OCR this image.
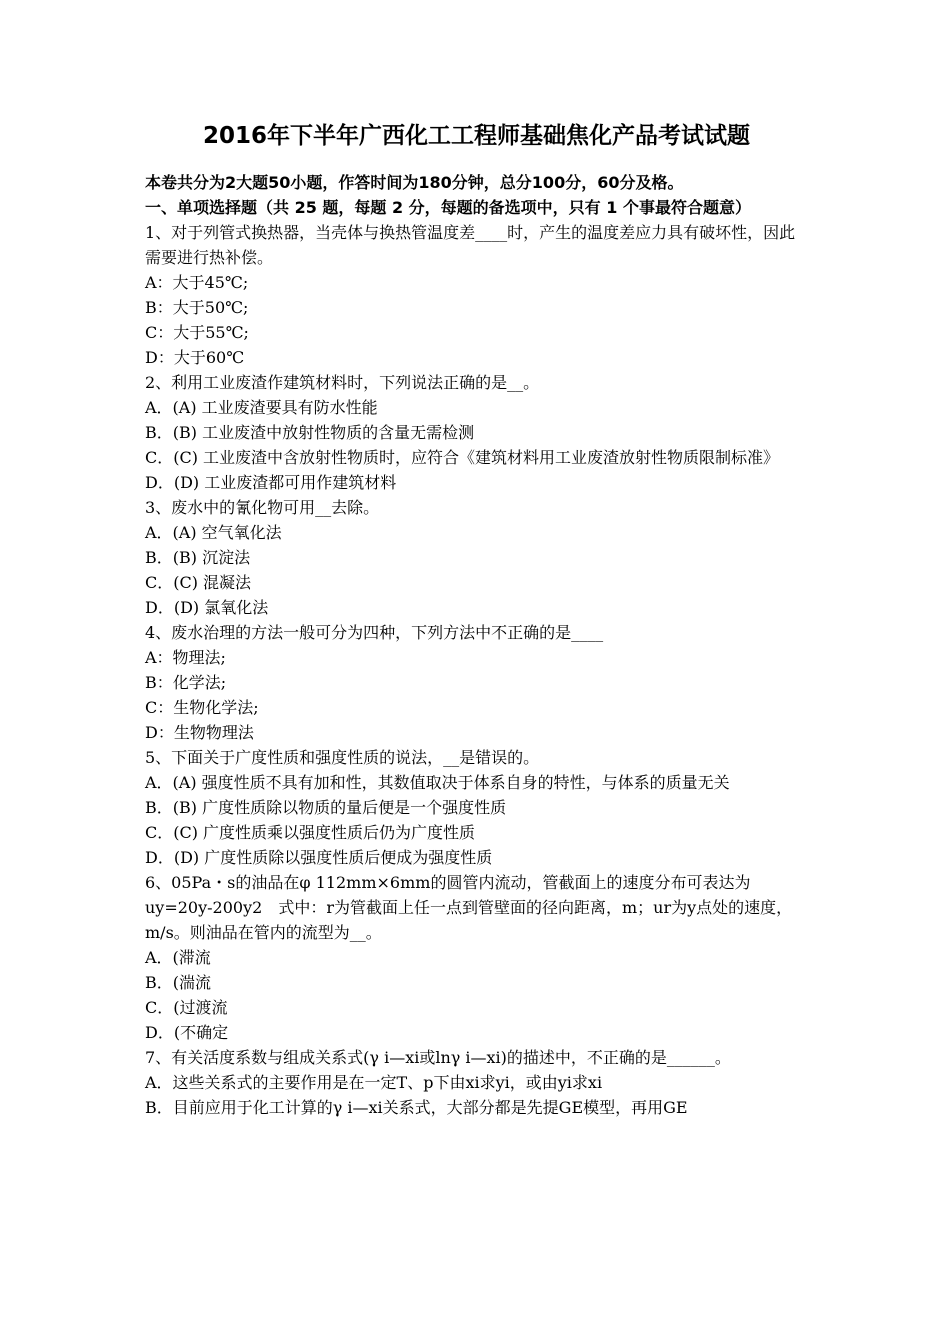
2016年下半年广西化工工程师基础焦化产品考试试题
本卷共分为2大题50小题，作答时间为180分钟，总分100分，60分及格。
一、单项选择题（共 25 题，每题 2 分，每题的备选项中，只有 1 个事最符合题意）
1、对于列管式换热器，当壳体与换热管温度差____时，产生的温度差应力具有破坏性，因此需要进行热补偿。
A：大于45℃;
B：大于50℃;
C：大于55℃;
D：大于60℃
2、利用工业废渣作建筑材料时，下列说法正确的是__。
A．(A) 工业废渣要具有防水性能
B．(B) 工业废渣中放射性物质的含量无需检测
C．(C) 工业废渣中含放射性物质时，应符合《建筑材料用工业废渣放射性物质限制标准》
D．(D) 工业废渣都可用作建筑材料
3、废水中的氰化物可用__去除。
A．(A) 空气氧化法
B．(B) 沉淀法
C．(C) 混凝法
D．(D) 氯氧化法
4、废水治理的方法一般可分为四种，下列方法中不正确的是____
A：物理法;
B：化学法;
C：生物化学法;
D：生物物理法
5、下面关于广度性质和强度性质的说法，__是错误的。
A．(A) 强度性质不具有加和性，其数值取决于体系自身的特性，与体系的质量无关
B．(B) 广度性质除以物质的量后便是一个强度性质
C．(C) 广度性质乘以强度性质后仍为广度性质
D．(D) 广度性质除以强度性质后便成为强度性质
6、05Pa・s的油品在φ 112mm×6mm的圆管内流动，管截面上的速度分布可表达为　uy=20y-200y2　式中：r为管截面上任一点到管壁面的径向距离，m；ur为y点处的速度，m/s。则油品在管内的流型为__。
A．(滞流
B．(湍流
C．(过渡流
D．(不确定
7、有关活度系数与组成关系式(γ i—xi或lnγ i—xi)的描述中，不正确的是______。
A．这些关系式的主要作用是在一定T、p下由xi求yi，或由yi求xi
B．目前应用于化工计算的γ i—xi关系式，大部分都是先提GE模型，再用GE
